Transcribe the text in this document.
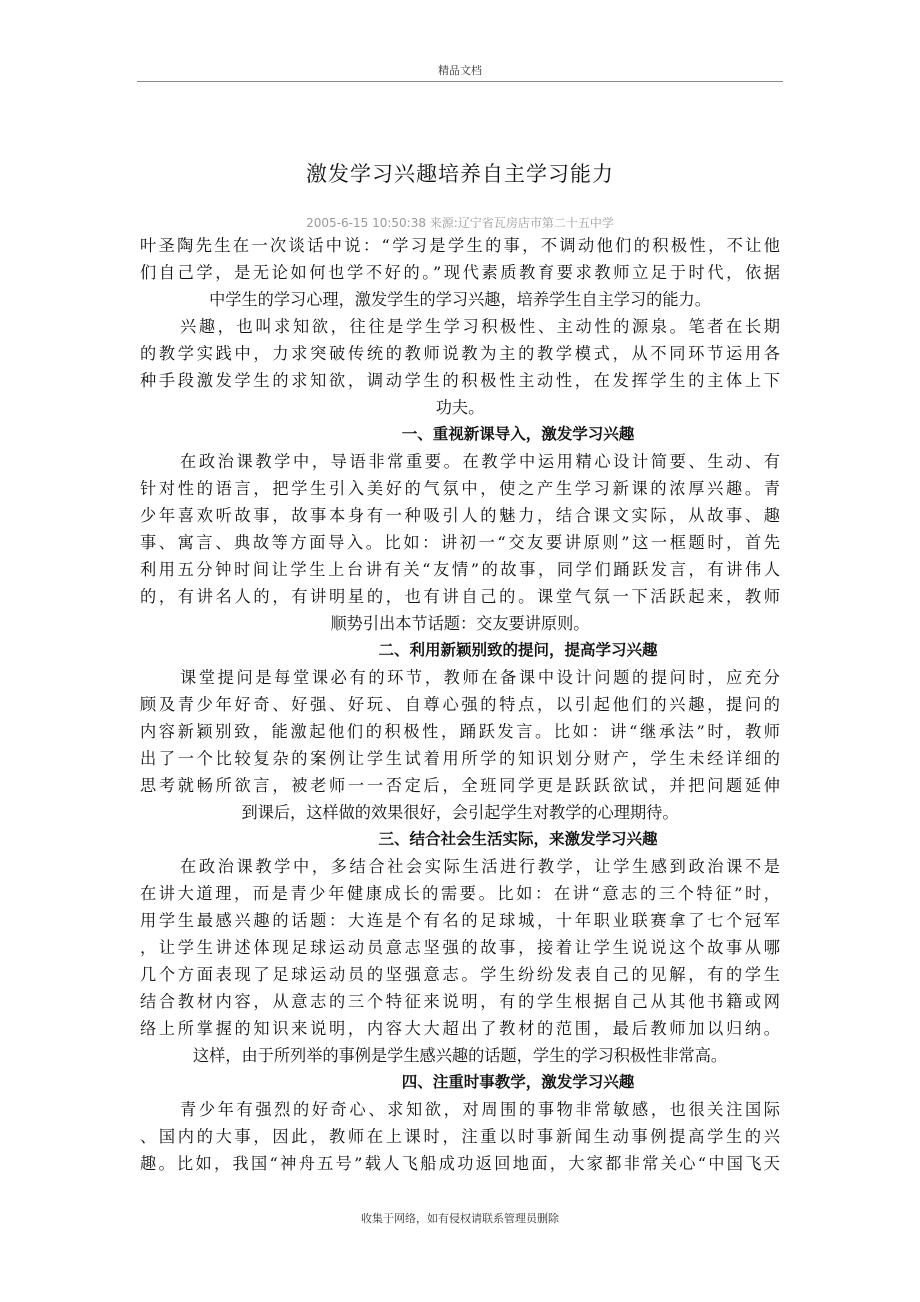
精品文档
激发学习兴趣培养自主学习能力
2005-6-15 10:50:38 来源:辽宁省瓦房店市第二十五中学
叶圣陶先生在一次谈话中说：“学习是学生的事，不调动他们的积极性，不让他
们自己学，是无论如何也学不好的。”现代素质教育要求教师立足于时代，依据
中学生的学习心理，激发学生的学习兴趣，培养学生自主学习的能力。
兴趣，也叫求知欲，往往是学生学习积极性、主动性的源泉。笔者在长期
的教学实践中，力求突破传统的教师说教为主的教学模式，从不同环节运用各
种手段激发学生的求知欲，调动学生的积极性主动性，在发挥学生的主体上下
功夫。
一、重视新课导入，激发学习兴趣
在政治课教学中，导语非常重要。在教学中运用精心设计简要、生动、有
针对性的语言，把学生引入美好的气氛中，使之产生学习新课的浓厚兴趣。青
少年喜欢听故事，故事本身有一种吸引人的魅力，结合课文实际，从故事、趣
事、寓言、典故等方面导入。比如：讲初一“交友要讲原则”这一框题时，首先
利用五分钟时间让学生上台讲有关“友情”的故事，同学们踊跃发言，有讲伟人
的，有讲名人的，有讲明星的，也有讲自己的。课堂气氛一下活跃起来，教师
顺势引出本节话题：交友要讲原则。
二、利用新颖别致的提问，提高学习兴趣
课堂提问是每堂课必有的环节，教师在备课中设计问题的提问时，应充分
顾及青少年好奇、好强、好玩、自尊心强的特点，以引起他们的兴趣，提问的
内容新颖别致，能激起他们的积极性，踊跃发言。比如：讲“继承法”时，教师
出了一个比较复杂的案例让学生试着用所学的知识划分财产，学生未经详细的
思考就畅所欲言，被老师一一否定后，全班同学更是跃跃欲试，并把问题延伸
到课后，这样做的效果很好，会引起学生对教学的心理期待。
三、结合社会生活实际，来激发学习兴趣
在政治课教学中，多结合社会实际生活进行教学，让学生感到政治课不是
在讲大道理，而是青少年健康成长的需要。比如：在讲“意志的三个特征”时，
用学生最感兴趣的话题：大连是个有名的足球城，十年职业联赛拿了七个冠军
，让学生讲述体现足球运动员意志坚强的故事，接着让学生说说这个故事从哪
几个方面表现了足球运动员的坚强意志。学生纷纷发表自己的见解，有的学生
结合教材内容，从意志的三个特征来说明，有的学生根据自己从其他书籍或网
络上所掌握的知识来说明，内容大大超出了教材的范围，最后教师加以归纳。
这样，由于所列举的事例是学生感兴趣的话题，学生的学习积极性非常高。
四、注重时事教学，激发学习兴趣
青少年有强烈的好奇心、求知欲，对周围的事物非常敏感，也很关注国际
、国内的大事，因此，教师在上课时，注重以时事新闻生动事例提高学生的兴
趣。比如，我国“神舟五号”载人飞船成功返回地面，大家都非常关心“中国飞天
收集于网络，如有侵权请联系管理员删除
